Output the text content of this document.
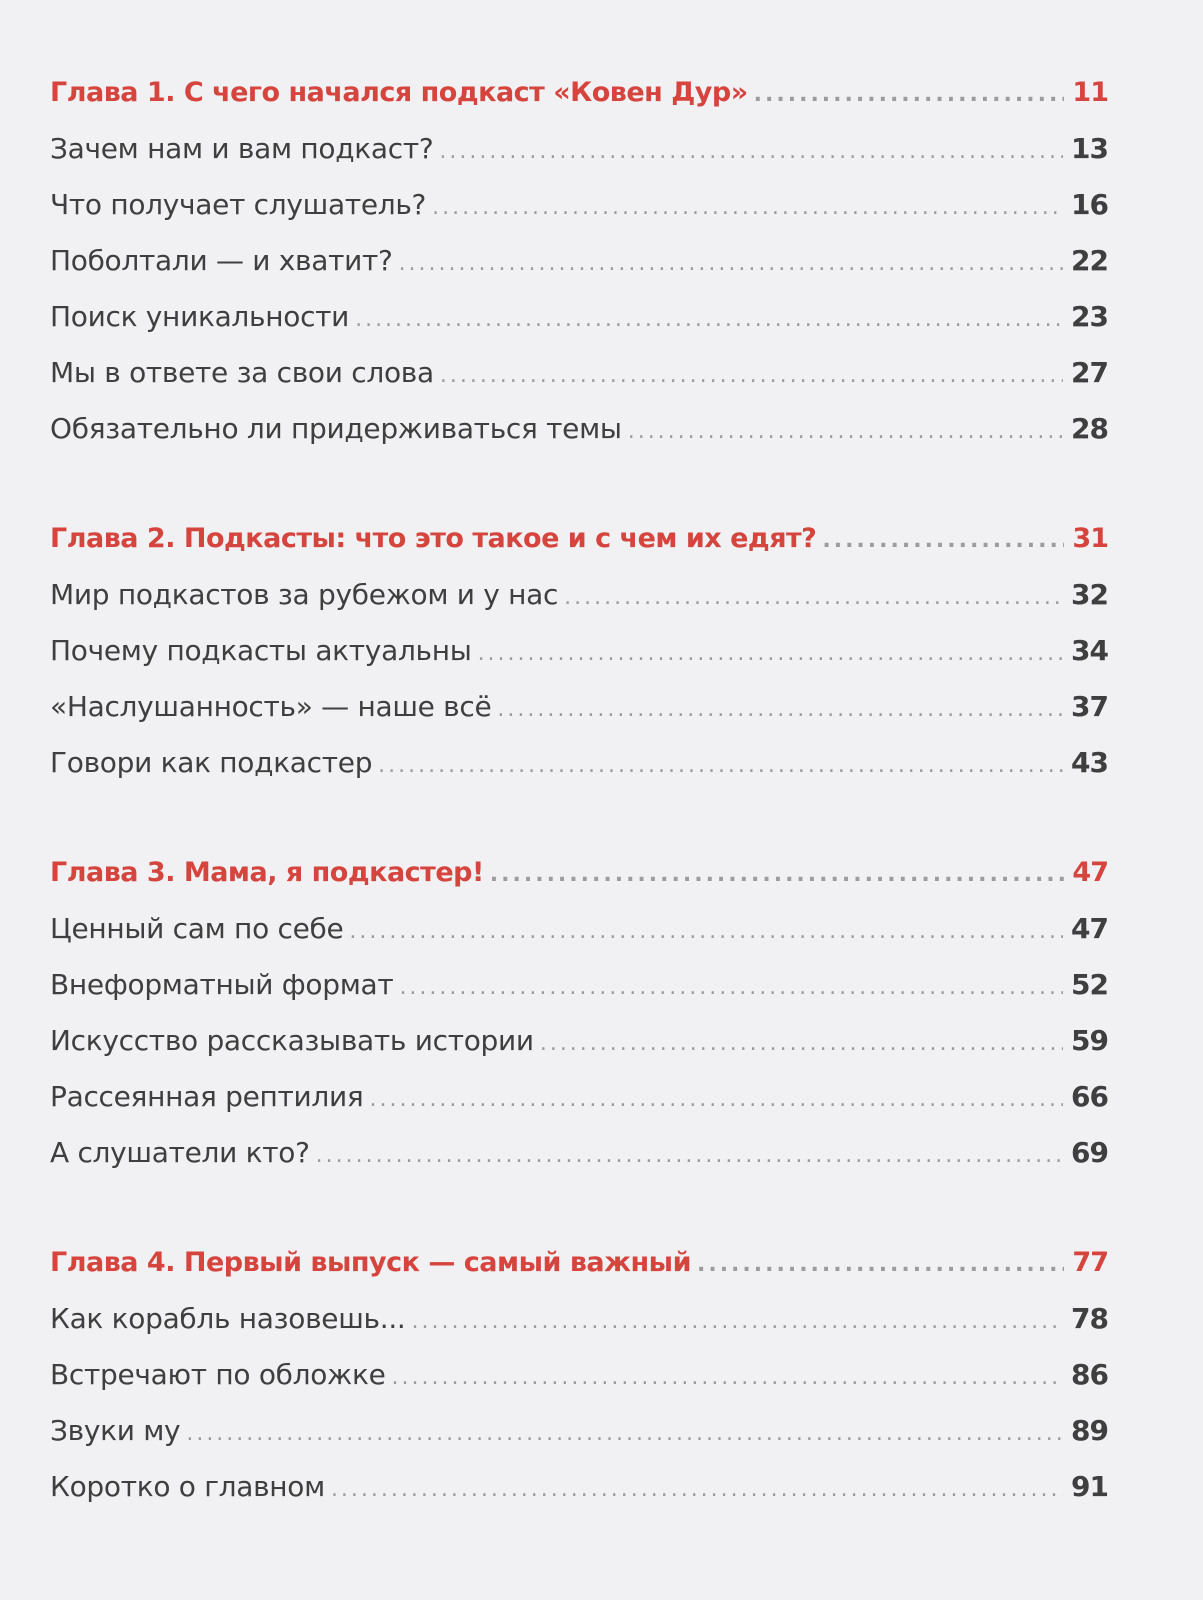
Глава 1. С чего начался подкаст «Ковен Дур» .....	11
Зачем нам и вам подкаст? .....	13
Что получает слушатель? .....	16
Поболтали — и хватит? .....	22
Поиск уникальности .....	23
Мы в ответе за свои слова .....	27
Обязательно ли придерживаться темы .....	28
Глава 2. Подкасты: что это такое и с чем их едят? .....	31
Мир подкастов за рубежом и у нас .....	32
Почему подкасты актуальны .....	34
«Наслушанность» — наше всё .....	37
Говори как подкастер .....	43
Глава 3. Мама, я подкастер! .....	47
Ценный сам по себе .....	47
Внеформатный формат .....	52
Искусство рассказывать истории .....	59
Рассеянная рептилия .....	66
А слушатели кто? .....	69
Глава 4. Первый выпуск — самый важный .....	77
Как корабль назовешь... .....	78
Встречают по обложке .....	86
Звуки му .....	89
Коротко о главном .....	91
